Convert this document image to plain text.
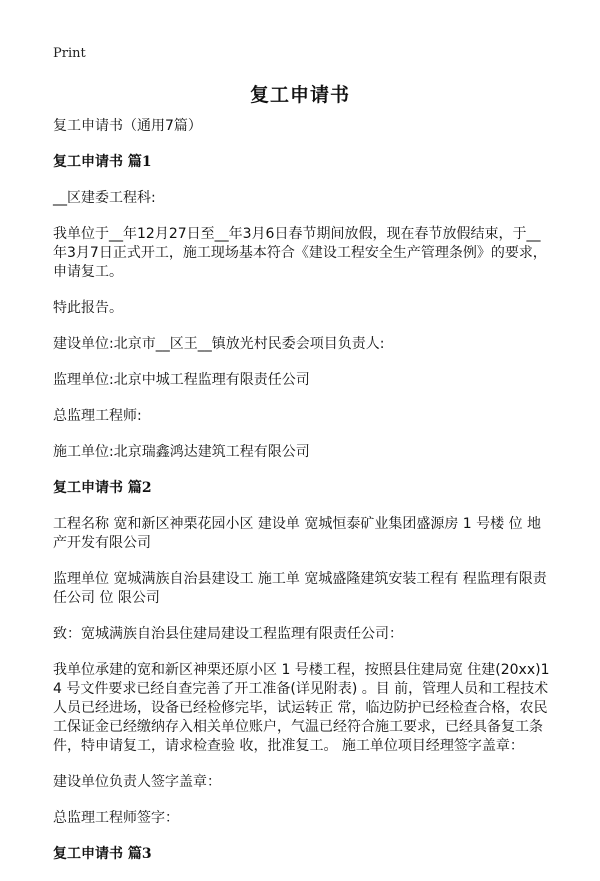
Print
复工申请书
复工申请书（通用7篇）
复工申请书 篇1
__区建委工程科:
我单位于__年12月27日至__年3月6日春节期间放假，现在春节放假结束，于__年3月7日正式开工，施工现场基本符合《建设工程安全生产管理条例》的要求，申请复工。
特此报告。
建设单位:北京市__区王__镇放光村民委会项目负责人:
监理单位:北京中城工程监理有限责任公司
总监理工程师:
施工单位:北京瑞鑫鸿达建筑工程有限公司
复工申请书 篇2
工程名称 宽和新区神栗花园小区 建设单 宽城恒泰矿业集团盛源房 1 号楼 位 地产开发有限公司
监理单位 宽城满族自治县建设工 施工单 宽城盛隆建筑安装工程有 程监理有限责任公司 位 限公司
致：宽城满族自治县住建局建设工程监理有限责任公司：
我单位承建的宽和新区神栗还原小区 1 号楼工程，按照县住建局宽 住建(20xx)14 号文件要求已经自查完善了开工准备(详见附表) 。目 前，管理人员和工程技术人员已经进场，设备已经检修完毕，试运转正 常，临边防护已经检查合格，农民工保证金已经缴纳存入相关单位账户，气温已经符合施工要求，已经具备复工条件，特申请复工，请求检查验 收，批准复工。 施工单位项目经理签字盖章：
建设单位负责人签字盖章：
总监理工程师签字：
复工申请书 篇3
